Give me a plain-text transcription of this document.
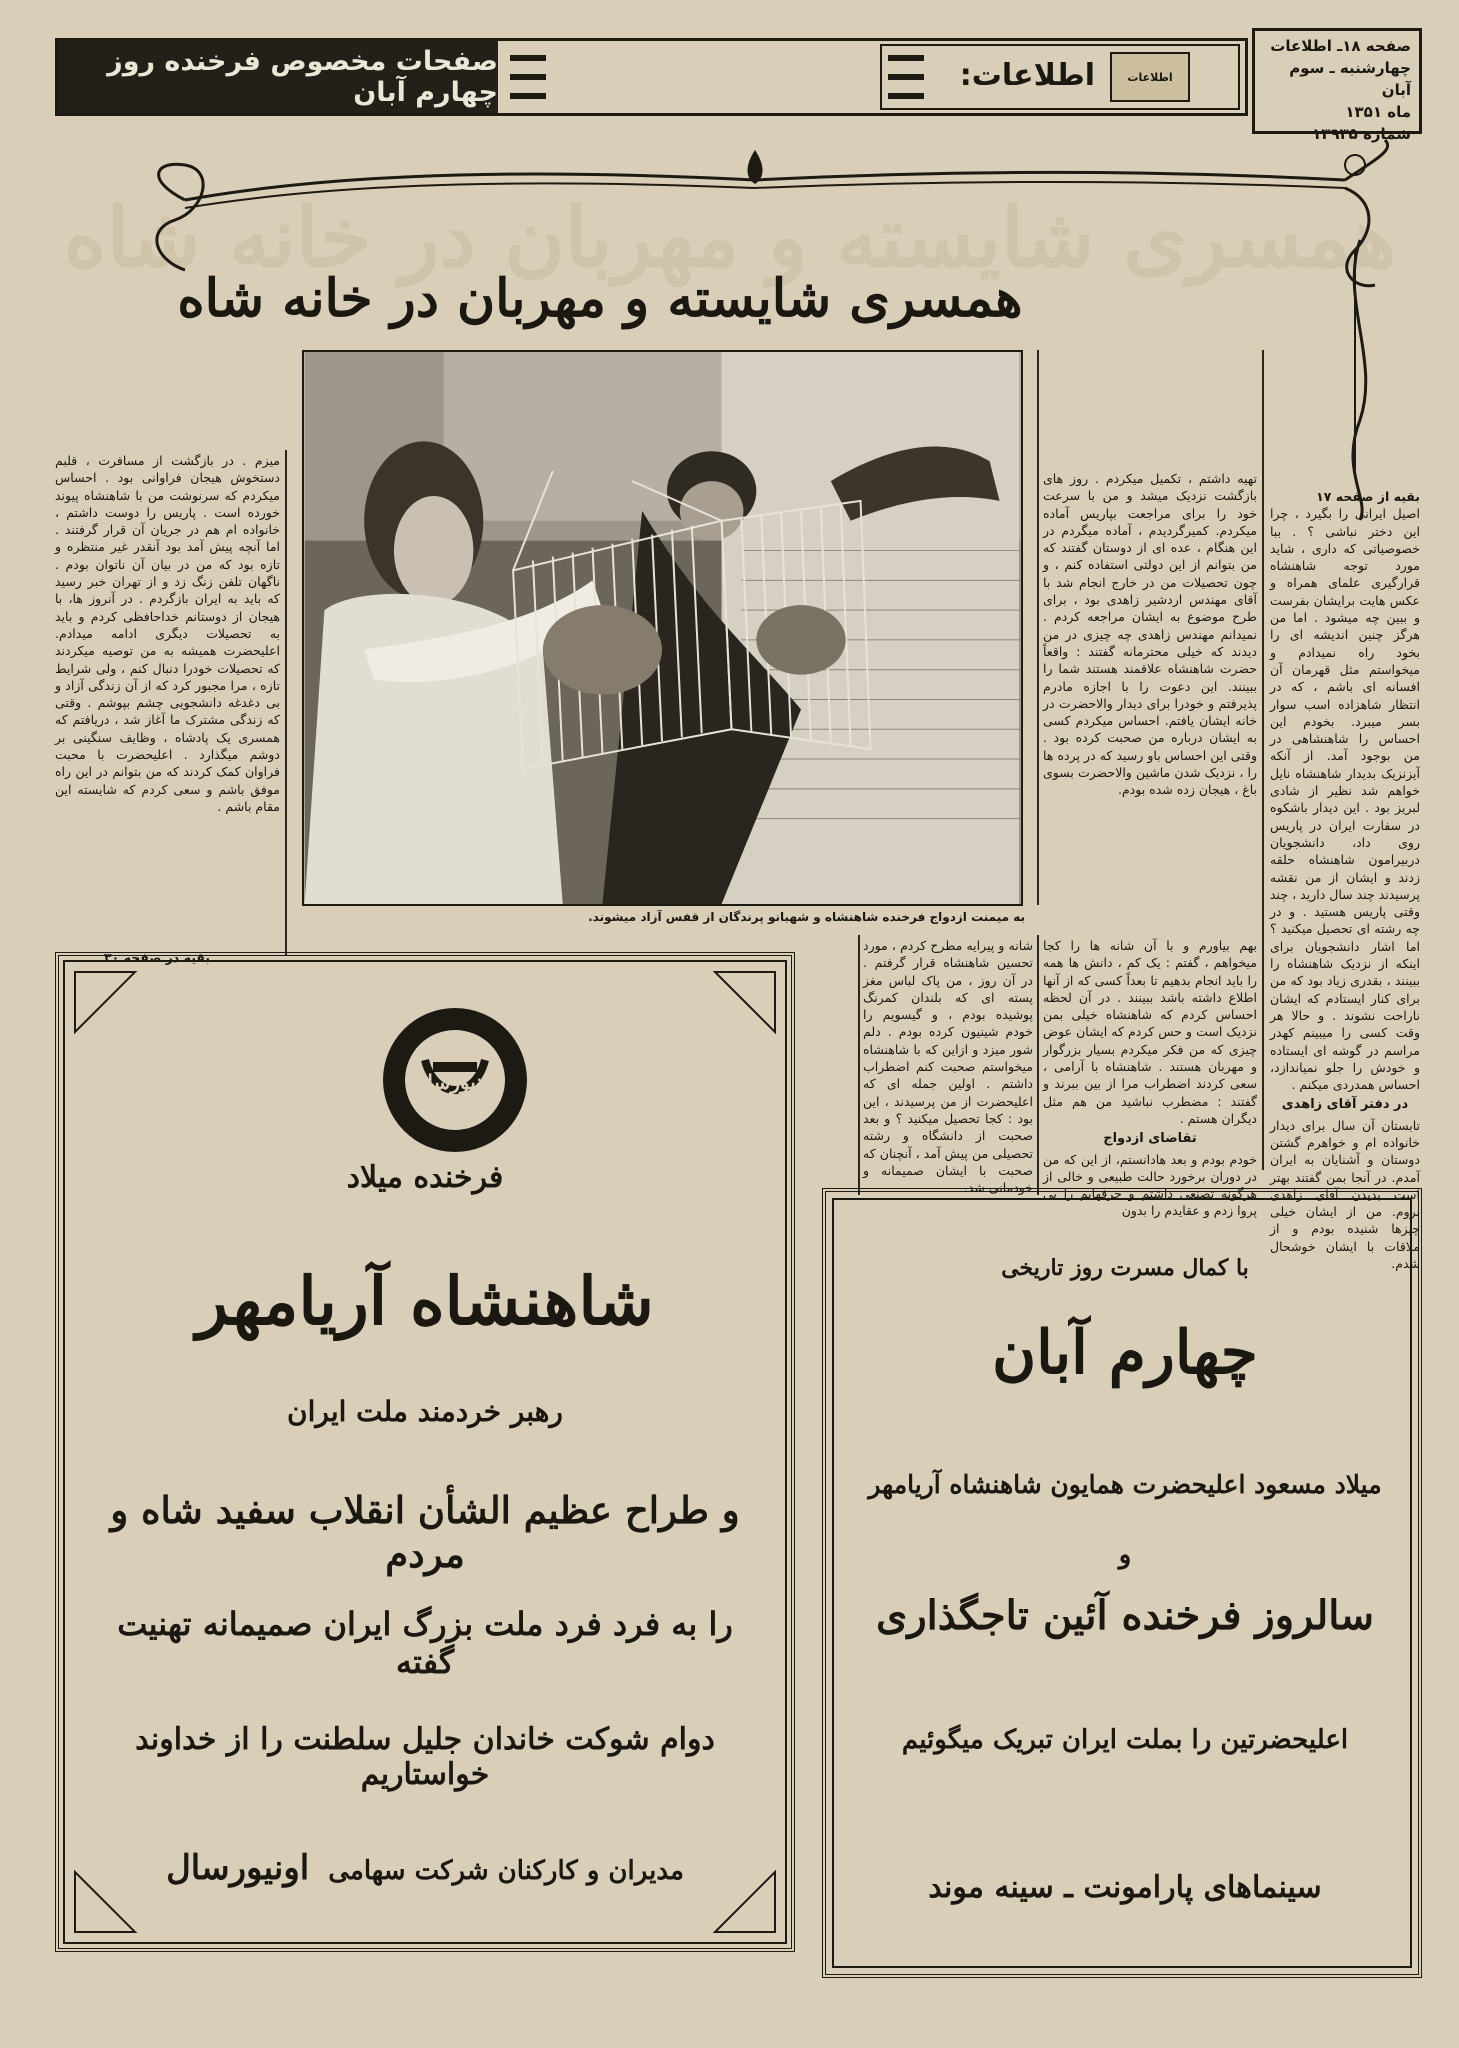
همسری شایسته و مهربان در خانه شاه
صفحات مخصوص فرخنده روز چهارم آبان	اطلاعات
اطلاعات:
صفحه ۱۸ـ اطلاعات
چهارشنبه ـ سوم آبان
ماه ۱۳۵۱
شماره ۱۳۹۳۵
همسری شایسته و مهربان در خانه شاه
به میمنت ازدواج فرخنده شاهنشاه و شهبانو پرندگان از قفس آزاد میشوند.
بقیه از صفحه ۱۷
اصیل ایرانی را بگیرد ، چرا این دختر نباشی ؟ . ببا خصوصیاتی که داری ، شاید مورد توجه شاهنشاه قرارگیری علمای همراه و عکس هایت برایشان بفرست و ببین چه میشود . اما من هرگز چنین اندیشه ای را بخود راه نمیدادم و میخواستم مثل قهرمان آن افسانه ای باشم ، که در انتظار شاهزاده اسب سوار بسر میبرد. بخودم این احساس را شاهنشاهی در من بوجود آمد. از آنکه آیزنزیک بدیدار شاهنشاه نایل خواهم شد نظیر از شادی لبریز بود . این دیدار باشکوه در سفارت ایران در پاریس روی داد، دانشجویان دربیرامون شاهنشاه حلقه زدند و ایشان از من نقشه پرسیدند چند سال دارید ، چند وقتی پاریس هستید . و در چه رشته ای تحصیل میکنید ؟ اما اشار دانشجویان برای اینکه از نزدیک شاهنشاه را ببینند ، بقدری زیاد بود که من برای کنار ایستادم که ایشان ناراحت نشوند . و حالا هر وقت کسی را میبینم کهدر مراسم در گوشه ای ایستاده و خودش را جلو نمیاندازد، احساس همدردی میکنم .
در دفتر آقای زاهدی
تابستان آن سال برای دیدار خانواده ام و خواهرم گشتن دوستان و آشنایان به ایران آمدم. در آنجا بمن گفتند بهتر است بدیدن آقای زاهدی بروم. من از ایشان خیلی چیزها شنیده بودم و از ملاقات با ایشان خوشحال شدم.
تهیه داشتم ، تکمیل میکردم . روز های بازگشت نزدیک میشد و من با سرعت خود را برای مراجعت بپاریس آماده میکردم. کمیرگردیدم ، آماده میگردم در این هنگام ، عده ای از دوستان گفتند که من بتوانم از این دولتی استفاده کنم ، و چون تحصیلات من در خارج انجام شد با آقای مهندس اردشیر زاهدی بود ، برای طرح موضوع به ایشان مراجعه کردم . نمیدانم مهندس زاهدی چه چیزی در من دیدند که خیلی محترمانه گفتند : واقعاً حضرت شاهنشاه علاقمند هستند شما را ببینند. این دعوت را با اجازه مادرم پذیرفتم و خودرا برای دیدار والاحضرت در خانه ایشان یافتم. احساس میکردم کسی به ایشان درباره من صحبت کرده بود . وقتی این احساس باو رسید که در پرده ها را ، نزدیک شدن ماشین والاحضرت بسوی باغ ، هیجان زده شده بودم.
بهم بیاورم و با آن شانه ها را کجا میخواهم ، گفتم : یک کم ، دانش ها همه را باید انجام بدهیم تا بعداً کسی که از آنها اطلاع داشته باشد ببینند . در آن لحظه احساس کردم که شاهنشاه خیلی بمن نزدیک است و حس کردم که ایشان عوض چیزی که من فکر میکردم بسیار بزرگوار و مهربان هستند . شاهنشاه با آرامی ، سعی کردند اضطراب مرا از بین ببرند و گفتند : مضطرب نباشید من هم مثل دیگران هستم .
تقاضای ازدواج
خودم بودم و بعد هادانستم، از این که من در دوران برخورد حالت طبیعی و خالی از هرگونه تصنعی داشتم و حرفهایم را بی پروا زدم و عقایدم را بدون
شانه و پیرایه مطرح کردم ، مورد تحسین شاهنشاه قرار گرفتم . در آن روز ، من پاک لباس مغز پسته ای که بلندان کمرنگ پوشیده بودم ، و گیسویم را خودم شینیون کرده بودم . دلم شور میزد و ازاین که با شاهنشاه میخواستم صحبت کنم اضطراب داشتم . اولین جمله ای که اعلیحضرت از من پرسیدند ، این بود : کجا تحصیل میکنید ؟ و بعد صحبت از دانشگاه و رشته تحصیلی من پیش آمد ، آنچنان که صحبت با ایشان صمیمانه و خودمانی شد.
میزم . در بازگشت از مسافرت ، قلبم دستخوش هیجان فراوانی بود . احساس میکردم که سرنوشت من با شاهنشاه پیوند خورده است . پاریس را دوست داشتم ، خانواده ام هم در جریان آن قرار گرفتند . اما آنچه پیش آمد بود آنقدر غیر منتظره و تازه بود که من در بیان آن ناتوان بودم . ناگهان تلفن زنگ زد و از تهران خبر رسید که باید به ایران بازگردم . در آنروز ها، با هیجان از دوستانم خداحافظی کردم و باید به تحصیلات دیگری ادامه میدادم. اعلیحضرت همیشه به من توصیه میکردند که تحصیلات خودرا دنبال کنم ، ولی شرایط تازه ، مرا مجبور کرد که از آن زندگی آزاد و بی دغدغه دانشجویی چشم بپوشم . وقتی که زندگی مشترک ما آغاز شد ، دریافتم که همسری یک پادشاه ، وظایف سنگینی بر دوشم میگذارد . اعلیحضرت با محبت فراوان کمک کردند که من بتوانم در این راه موفق باشم و سعی کردم که شایسته این مقام باشم .
بقیه در صفحه ۳۰
اونیورسال
فرخنده میلاد
شاهنشاه آریامهر
رهبر خردمند ملت ایران
و طراح عظیم الشأن انقلاب سفید شاه و مردم
را به فرد فرد ملت بزرگ ایران صمیمانه تهنیت گفته
دوام شوکت خاندان جلیل سلطنت را از خداوند خواستاریم
مدیران و کارکنان شرکت سهامی اونیورسال
با کمال مسرت روز تاریخی
چهارم آبان
میلاد مسعود اعلیحضرت همایون شاهنشاه آریامهر
و
سالروز فرخنده آئین تاجگذاری
اعلیحضرتین را بملت ایران تبریک میگوئیم
سینماهای پارامونت ـ سینه موند
